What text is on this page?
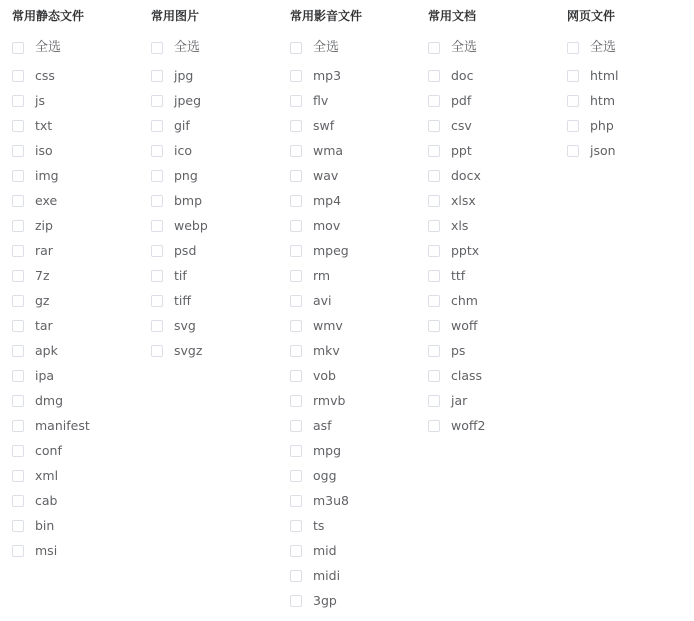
常用静态文件
全选
css
js
txt
iso
img
exe
zip
rar
7z
gz
tar
apk
ipa
dmg
manifest
conf
xml
cab
bin
msi
常用图片
全选
jpg
jpeg
gif
ico
png
bmp
webp
psd
tif
tiff
svg
svgz
常用影音文件
全选
mp3
flv
swf
wma
wav
mp4
mov
mpeg
rm
avi
wmv
mkv
vob
rmvb
asf
mpg
ogg
m3u8
ts
mid
midi
3gp
常用文档
全选
doc
pdf
csv
ppt
docx
xlsx
xls
pptx
ttf
chm
woff
ps
class
jar
woff2
网页文件
全选
html
htm
php
json
